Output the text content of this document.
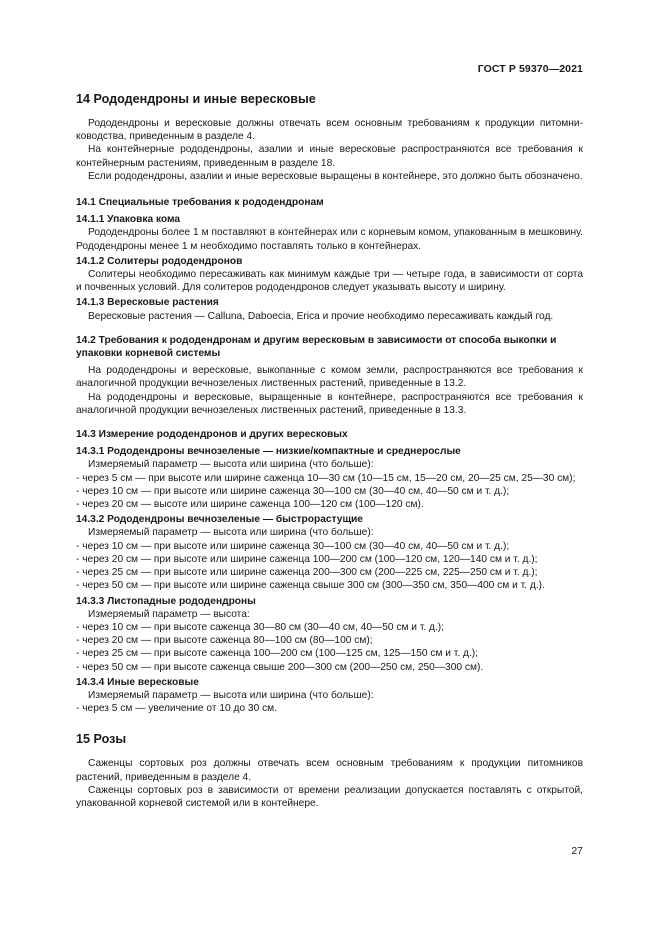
ГОСТ Р 59370—2021
14 Рододендроны и иные вересковые

Рододендроны и вересковые должны отвечать всем основным требованиям к продукции питомниководства, приведенным в разделе 4.

На контейнерные рододендроны, азалии и иные вересковые распространяются все требования к контейнерным растениям, приведенным в разделе 18.

Если рододендроны, азалии и иные вересковые выращены в контейнере, это должно быть обозначено.

14.1 Специальные требования к рододендронам
14.1.1 Упаковка кома

Рододендроны более 1 м поставляют в контейнерах или с корневым комом, упакованным в мешковину. Рододендроны менее 1 м необходимо поставлять только в контейнерах.

14.1.2 Солитеры рододендронов

Солитеры необходимо пересаживать как минимум каждые три — четыре года, в зависимости от сорта и почвенных условий. Для солитеров рододендронов следует указывать высоту и ширину.

14.1.3 Вересковые растения

Вересковые растения — Calluna, Daboecia, Erica и прочие необходимо пересаживать каждый год.

14.2 Требования к рододендронам и другим вересковым в зависимости от способа выкопки и упаковки корневой системы

На рододендроны и вересковые, выкопанные с комом земли, распространяются все требования к аналогичной продукции вечнозеленых лиственных растений, приведенные в 13.2.

На рододендроны и вересковые, выращенные в контейнере, распространяются все требования к аналогичной продукции вечнозеленых лиственных растений, приведенные в 13.3.

14.3 Измерение рододендронов и других вересковых
14.3.1 Рододендроны вечнозеленые — низкие/компактные и среднерослые

Измеряемый параметр — высота или ширина (что больше):

- через 5 см — при высоте или ширине саженца 10—30 см (10—15 см, 15—20 см, 20—25 см, 25—30 см);

- через 10 см — при высоте или ширине саженца 30—100 см (30—40 см, 40—50 см и т. д.);

- через 20 см — высоте или ширине саженца 100—120 см (100—120 см).

14.3.2 Рододендроны вечнозеленые — быстрорастущие

Измеряемый параметр — высота или ширина (что больше):

- через 10 см — при высоте или ширине саженца 30—100 см (30—40 см, 40—50 см и т. д.);

- через 20 см — при высоте или ширине саженца 100—200 см (100—120 см, 120—140 см и т. д.);

- через 25 см — при высоте или ширине саженца 200—300 см (200—225 см, 225—250 см и т. д.);

- через 50 см — при высоте или ширине саженца свыше 300 см (300—350 см, 350—400 см и т. д.).

14.3.3 Листопадные рододендроны

Измеряемый параметр — высота:

- через 10 см — при высоте саженца 30—80 см (30—40 см, 40—50 см и т. д.);

- через 20 см — при высоте саженца 80—100 см (80—100 см);

- через 25 см — при высоте саженца 100—200 см (100—125 см, 125—150 см и т. д.);

- через 50 см — при высоте саженца свыше 200—300 см (200—250 см, 250—300 см).

14.3.4 Иные вересковые

Измеряемый параметр — высота или ширина (что больше):

- через 5 см — увеличение от 10 до 30 см.

15 Розы

Саженцы сортовых роз должны отвечать всем основным требованиям к продукции питомников растений, приведенным в разделе 4.

Саженцы сортовых роз в зависимости от времени реализации допускается поставлять с открытой, упакованной корневой системой или в контейнере.

27
